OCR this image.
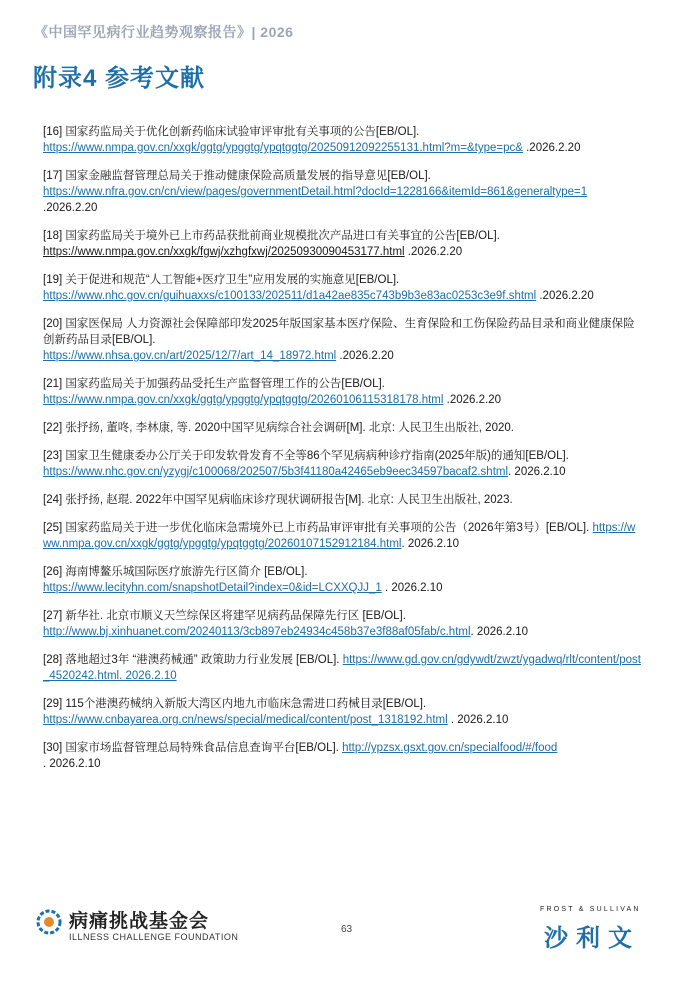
《中国罕见病行业趋势观察报告》| 2026
附录4 参考文献
[16] 国家药监局关于优化创新药临床试验审评审批有关事项的公告[EB/OL].
https://www.nmpa.gov.cn/xxgk/ggtg/ypggtg/ypqtggtg/20250912092255131.html?m=&type=pc& .2026.2.20
[17] 国家金融监督管理总局关于推动健康保险高质量发展的指导意见[EB/OL].
https://www.nfra.gov.cn/cn/view/pages/governmentDetail.html?docId=1228166&itemId=861&generaltype=1 .2026.2.20
[18] 国家药监局关于境外已上市药品获批前商业规模批次产品进口有关事宜的公告[EB/OL].
https://www.nmpa.gov.cn/xxgk/fgwj/xzhgfxwj/20250930090453177.html .2026.2.20
[19] 关于促进和规范“人工智能+医疗卫生”应用发展的实施意见[EB/OL].
https://www.nhc.gov.cn/guihuaxxs/c100133/202511/d1a42ae835c743b9b3e83ac0253c3e9f.shtml .2026.2.20
[20] 国家医保局 人力资源社会保障部印发2025年版国家基本医疗保险、生育保险和工伤保险药品目录和商业健康保险创新药品目录[EB/OL].
https://www.nhsa.gov.cn/art/2025/12/7/art_14_18972.html .2026.2.20
[21] 国家药监局关于加强药品受托生产监督管理工作的公告[EB/OL].
https://www.nmpa.gov.cn/xxgk/ggtg/ypggtg/ypqtggtg/20260106115318178.html .2026.2.20
[22] 张抒扬, 董咚, 李林康, 等. 2020中国罕见病综合社会调研[M]. 北京: 人民卫生出版社, 2020.
[23] 国家卫生健康委办公厅关于印发软骨发育不全等86个罕见病病种诊疗指南(2025年版)的通知[EB/OL].
https://www.nhc.gov.cn/yzygj/c100068/202507/5b3f41180a42465eb9eec34597bacaf2.shtml. 2026.2.10
[24] 张抒扬, 赵琨. 2022年中国罕见病临床诊疗现状调研报告[M]. 北京: 人民卫生出版社, 2023.
[25] 国家药监局关于进一步优化临床急需境外已上市药品审评审批有关事项的公告（2026年第3号）[EB/OL]. https://www.nmpa.gov.cn/xxgk/ggtg/ypggtg/ypqtggtg/20260107152912184.html. 2026.2.10
[26] 海南博鳌乐城国际医疗旅游先行区简介 [EB/OL].
https://www.lecityhn.com/snapshotDetail?index=0&id=LCXXQJJ_1 . 2026.2.10
[27] 新华社. 北京市顺义天竺综保区将建罕见病药品保障先行区 [EB/OL].
http://www.bj.xinhuanet.com/20240113/3cb897eb24934c458b37e3f88af05fab/c.html. 2026.2.10
[28] 落地超过3年 “港澳药械通” 政策助力行业发展 [EB/OL]. https://www.gd.gov.cn/gdywdt/zwzt/ygadwq/rlt/content/post_4520242.html. 2026.2.10
[29] 115个港澳药械纳入新版大湾区内地九市临床急需进口药械目录[EB/OL].
https://www.cnbayarea.org.cn/news/special/medical/content/post_1318192.html . 2026.2.10
[30] 国家市场监督管理总局特殊食品信息查询平台[EB/OL]. http://ypzsx.gsxt.gov.cn/specialfood/#/food
. 2026.2.10
病痛挑战基金会
ILLNESS CHALLENGE FOUNDATION
63
FROST & SULLIVAN
沙利文
